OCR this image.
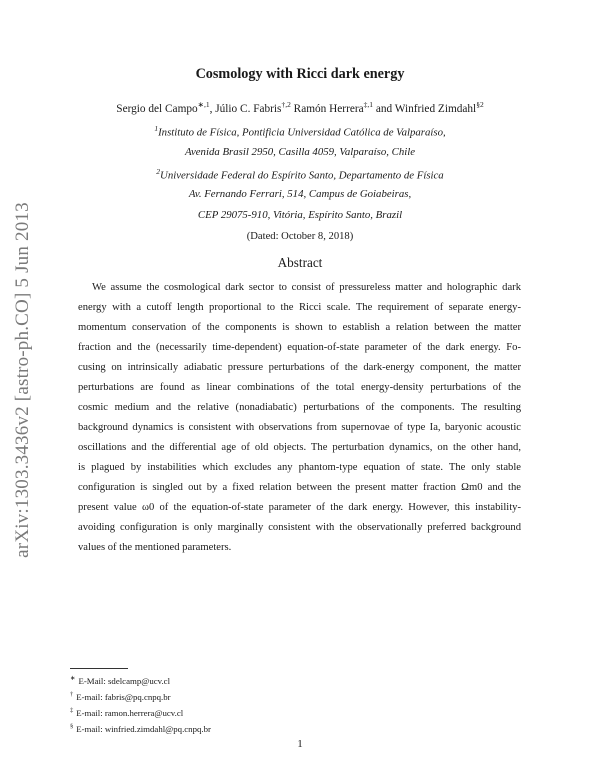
arXiv:1303.3436v2 [astro-ph.CO] 5 Jun 2013
Cosmology with Ricci dark energy
Sergio del Campo$^{∗,1}$, Júlio C. Fabris$^{\dagger,2}$ Ramón Herrera$^{\ddagger,1}$ and Winfried Zimdahl$^{\S 2}$
$^1$Instituto de Física, Pontificia Universidad Católica de Valparaíso,
Avenida Brasil 2950, Casilla 4059, Valparaíso, Chile
$^2$Universidade Federal do Espírito Santo, Departamento de Física
Av. Fernando Ferrari, 514, Campus de Goiabeiras,
CEP 29075-910, Vitória, Espírito Santo, Brazil
(Dated: October 8, 2018)
Abstract
We assume the cosmological dark sector to consist of pressureless matter and holographic dark
energy with a cutoff length proportional to the Ricci scale. The requirement of separate energy-
momentum conservation of the components is shown to establish a relation between the matter
fraction and the (necessarily time-dependent) equation-of-state parameter of the dark energy. Fo-
cusing on intrinsically adiabatic pressure perturbations of the dark-energy component, the matter
perturbations are found as linear combinations of the total energy-density perturbations of the
cosmic medium and the relative (nonadiabatic) perturbations of the components. The resulting
background dynamics is consistent with observations from supernovae of type Ia, baryonic acoustic
oscillations and the differential age of old objects. The perturbation dynamics, on the other hand,
is plagued by instabilities which excludes any phantom-type equation of state. The only stable
configuration is singled out by a fixed relation between the present matter fraction Ωm0 and the
present value ω0 of the equation-of-state parameter of the dark energy. However, this instability-
avoiding configuration is only marginally consistent with the observationally preferred background
values of the mentioned parameters.
∗ E-Mail: sdelcamp@ucv.cl
† E-mail: fabris@pq.cnpq.br
‡ E-mail: ramon.herrera@ucv.cl
§ E-mail: winfried.zimdahl@pq.cnpq.br
1
